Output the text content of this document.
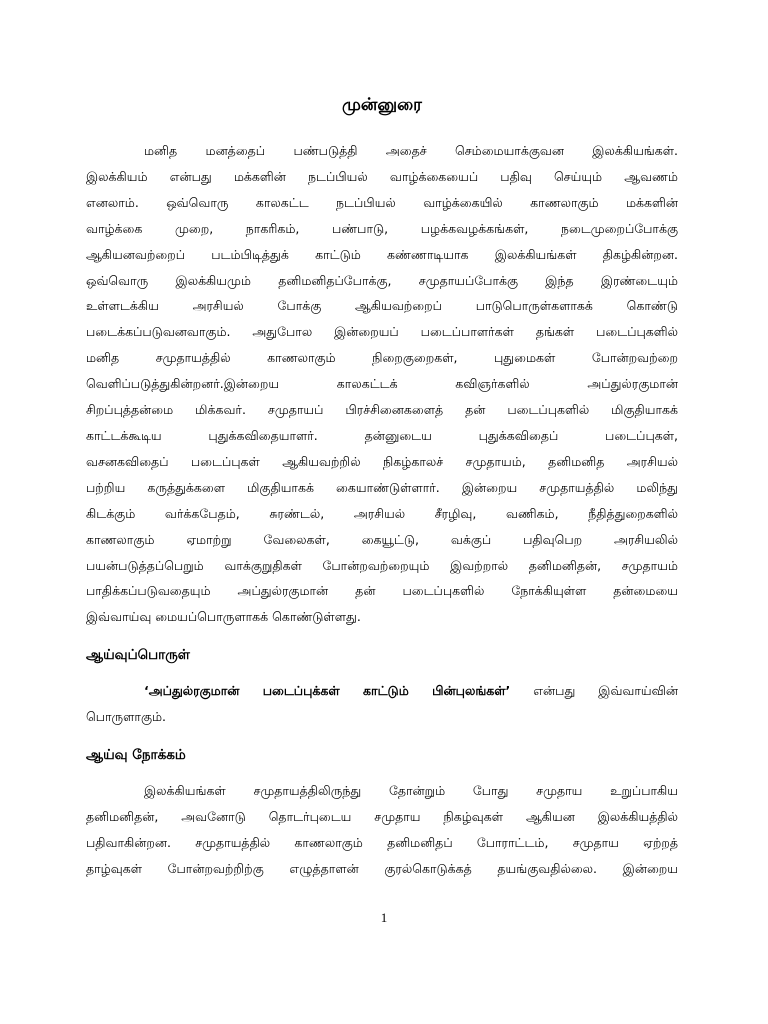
முன்னுரை

மனித மனத்தைப் பண்படுத்தி அதைச் செம்மையாக்குவன இலக்கியங்கள்.
இலக்கியம் என்பது மக்களின் நடப்பியல் வாழ்க்கையைப் பதிவு செய்யும் ஆவணம்
எனலாம். ஒவ்வொரு காலகட்ட நடப்பியல் வாழ்க்கையில் காணலாகும் மக்களின்
வாழ்க்கை முறை, நாகரிகம், பண்பாடு, பழக்கவழக்கங்கள், நடைமுறைப்போக்கு
ஆகியனவற்றைப் படம்பிடித்துக் காட்டும் கண்ணாடியாக இலக்கியங்கள் திகழ்கின்றன.
ஒவ்வொரு இலக்கியமும் தனிமனிதப்போக்கு, சமுதாயப்போக்கு இந்த இரண்டையும்
உள்ளடக்கிய அரசியல் போக்கு ஆகியவற்றைப் பாடுபொருள்களாகக் கொண்டு
படைக்கப்படுவனவாகும். அதுபோல இன்றையப் படைப்பாளர்கள் தங்கள் படைப்புகளில்
மனித சமுதாயத்தில் காணலாகும் நிறைகுறைகள், புதுமைகள் போன்றவற்றை
வெளிப்படுத்துகின்றனர்.இன்றைய காலகட்டக் கவிஞர்களில் அப்துல்ரகுமான்
சிறப்புத்தன்மை மிக்கவர். சமுதாயப் பிரச்சினைகளைத் தன் படைப்புகளில் மிகுதியாகக்
காட்டக்கூடிய புதுக்கவிதையாளர். தன்னுடைய புதுக்கவிதைப் படைப்புகள்,
வசனகவிதைப் படைப்புகள் ஆகியவற்றில் நிகழ்காலச் சமுதாயம், தனிமனித அரசியல்
பற்றிய கருத்துக்களை மிகுதியாகக் கையாண்டுள்ளார். இன்றைய சமுதாயத்தில் மலிந்து
கிடக்கும் வர்க்கபேதம், சுரண்டல், அரசியல் சீரழிவு, வணிகம், நீதித்துறைகளில்
காணலாகும் ஏமாற்று வேலைகள், கையூட்டு, வக்குப் பதிவுபெற அரசியலில்
பயன்படுத்தப்பெறும் வாக்குறுதிகள் போன்றவற்றையும் இவற்றால் தனிமனிதன், சமுதாயம்
பாதிக்கப்படுவதையும் அப்துல்ரகுமான் தன் படைப்புகளில் நோக்கியுள்ள தன்மையை
இவ்வாய்வு மையப்பொருளாகக் கொண்டுள்ளது.

ஆய்வுப்பொருள்

‘அப்துல்ரகுமான் படைப்புக்கள் காட்டும் பின்புலங்கள்’ என்பது இவ்வாய்வின்
பொருளாகும்.

ஆய்வு நோக்கம்

இலக்கியங்கள் சமுதாயத்திலிருந்து தோன்றும் போது சமுதாய உறுப்பாகிய
தனிமனிதன், அவனோடு தொடர்புடைய சமுதாய நிகழ்வுகள் ஆகியன இலக்கியத்தில்
பதிவாகின்றன. சமுதாயத்தில் காணலாகும் தனிமனிதப் போராட்டம், சமுதாய ஏற்றத்
தாழ்வுகள் போன்றவற்றிற்கு எழுத்தாளன் குரல்கொடுக்கத் தயங்குவதில்லை. இன்றைய

1
